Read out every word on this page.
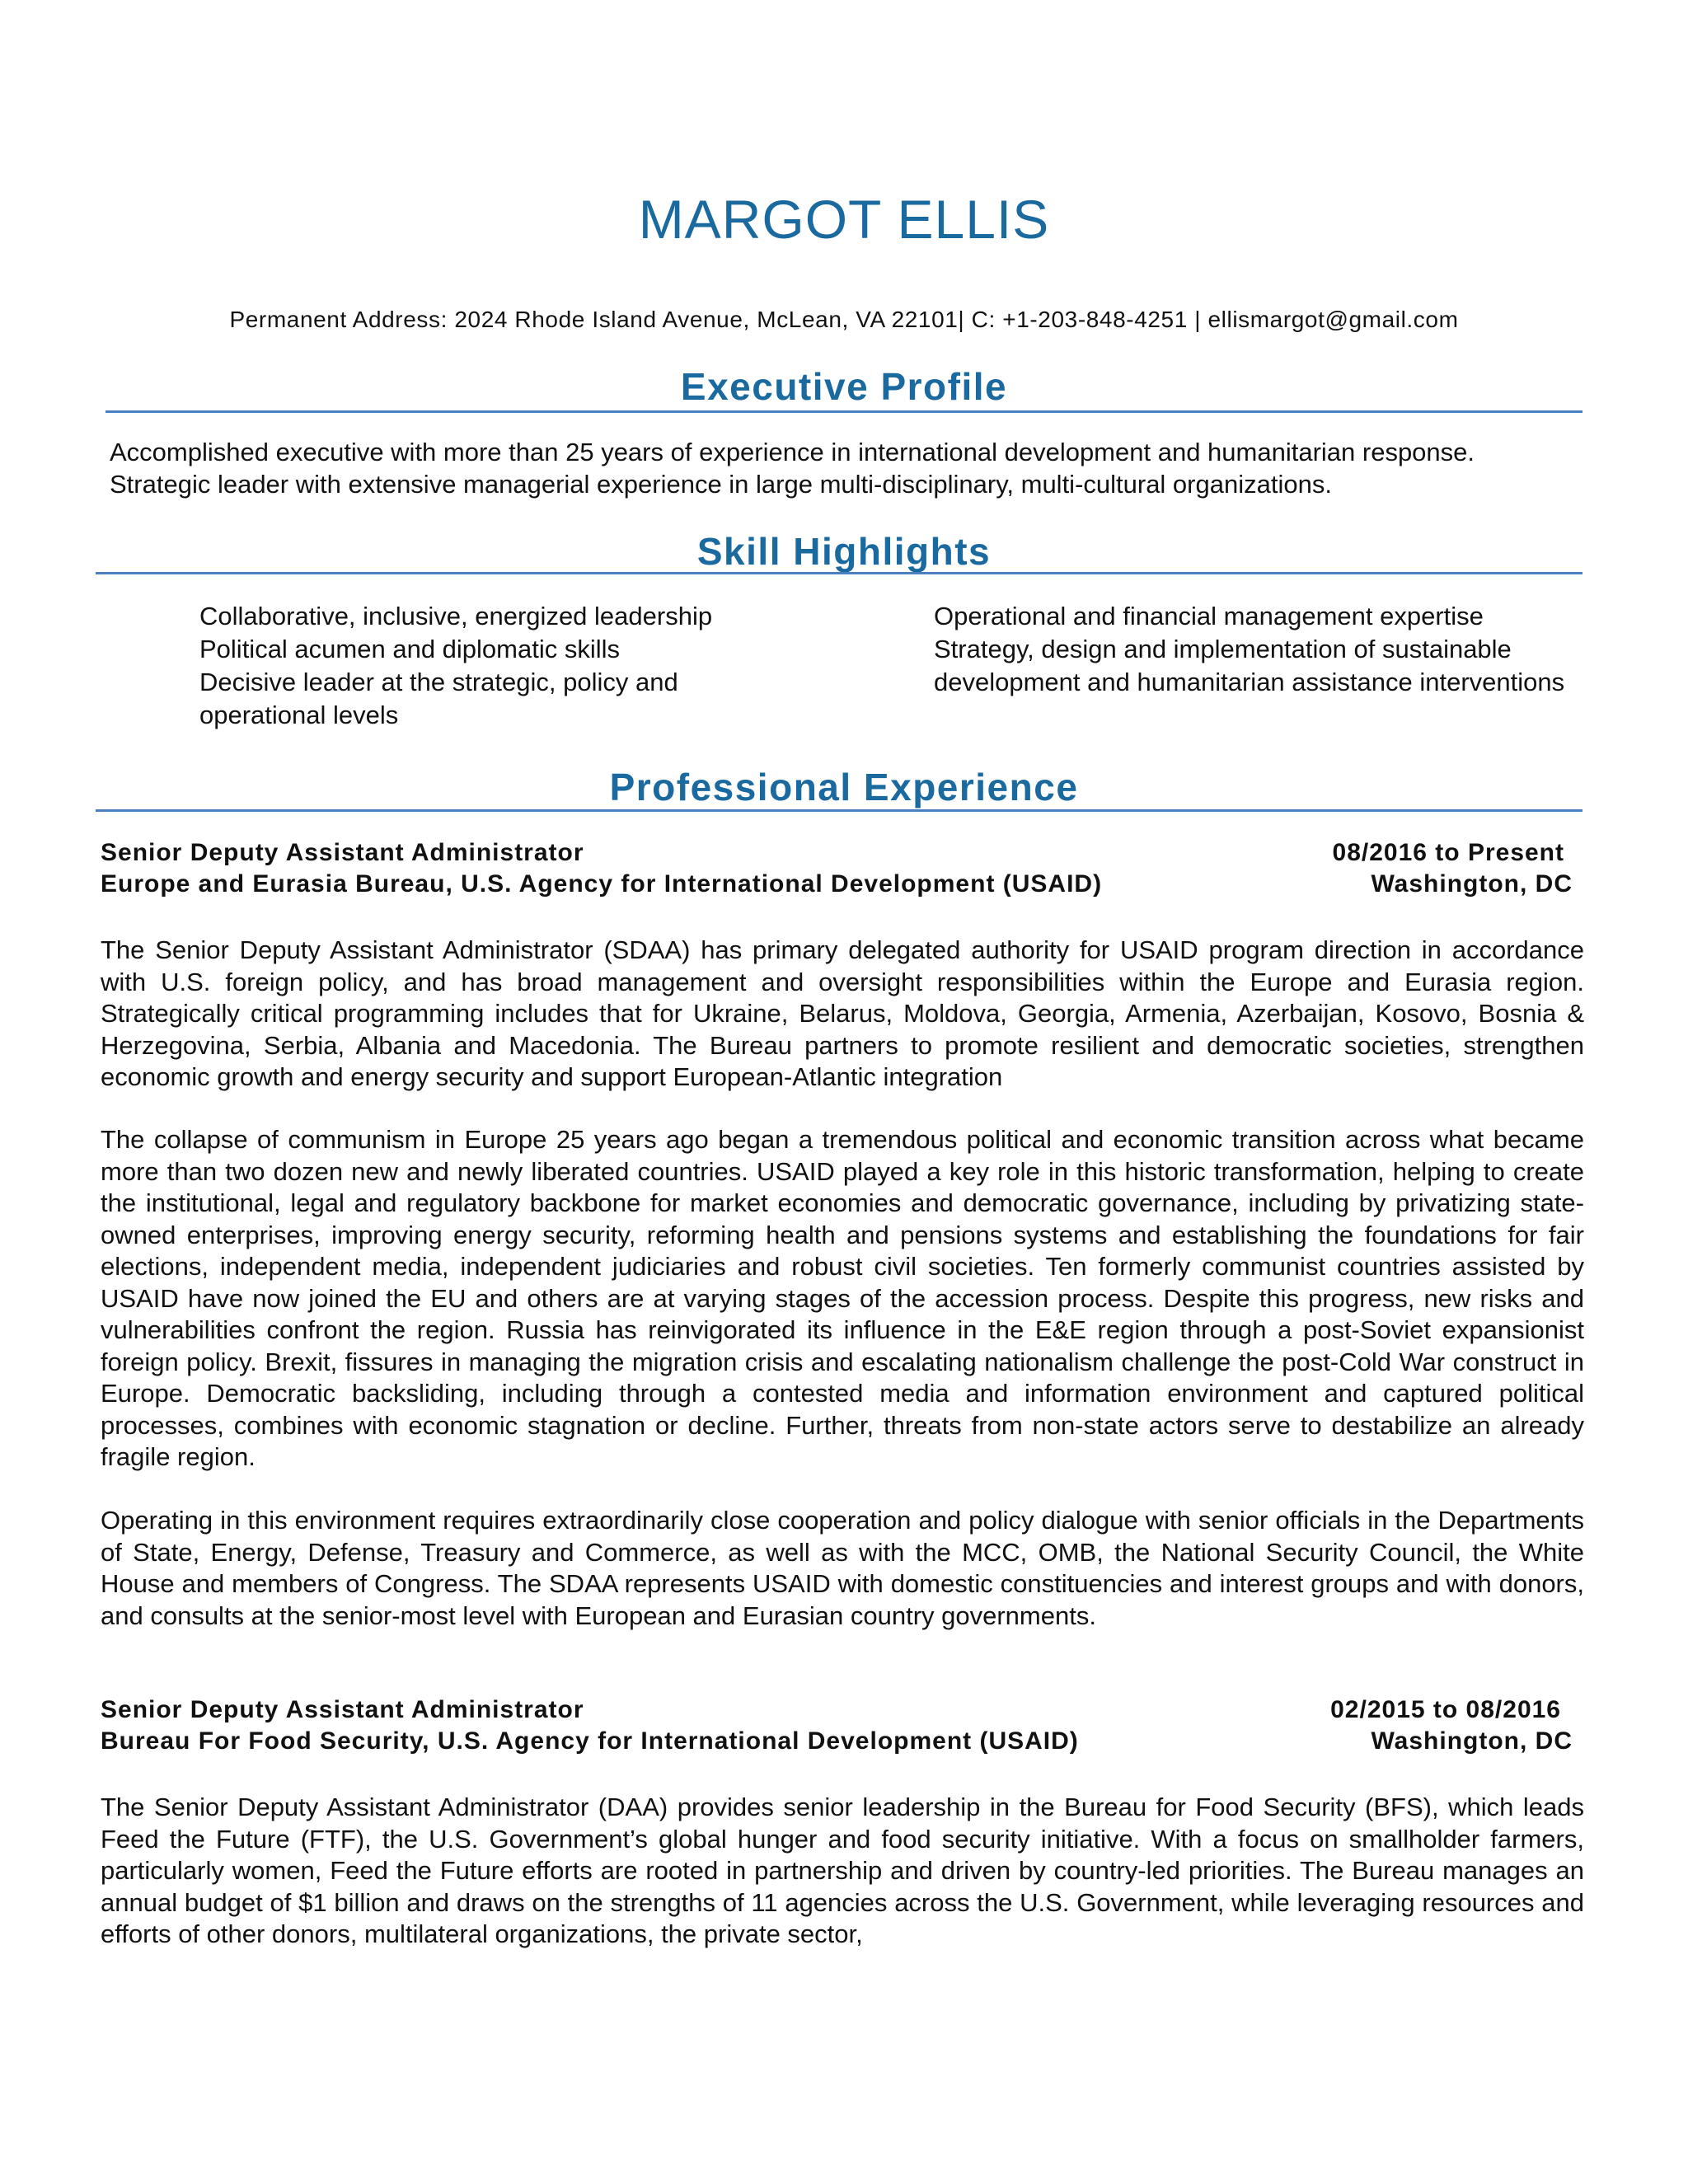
MARGOT ELLIS
Permanent Address: 2024 Rhode Island Avenue, McLean, VA 22101| C: +1-203-848-4251 | ellismargot@gmail.com
Executive Profile
Accomplished executive with more than 25 years of experience in international development and humanitarian response. Strategic leader with extensive managerial experience in large multi-disciplinary, multi-cultural organizations.
Skill Highlights
Collaborative, inclusive, energized leadership
Political acumen and diplomatic skills
Decisive leader at the strategic, policy and operational levels
Operational and financial management expertise
Strategy, design and implementation of sustainable development and humanitarian assistance interventions
Professional Experience
Senior Deputy Assistant Administrator	08/2016 to Present
Europe and Eurasia Bureau, U.S. Agency for International Development (USAID)	Washington, DC
The Senior Deputy Assistant Administrator (SDAA) has primary delegated authority for USAID program direction in accordance with U.S. foreign policy, and has broad management and oversight responsibilities within the Europe and Eurasia region. Strategically critical programming includes that for Ukraine, Belarus, Moldova, Georgia, Armenia, Azerbaijan, Kosovo, Bosnia & Herzegovina, Serbia, Albania and Macedonia. The Bureau partners to promote resilient and democratic societies, strengthen economic growth and energy security and support European-Atlantic integration
The collapse of communism in Europe 25 years ago began a tremendous political and economic transition across what became more than two dozen new and newly liberated countries. USAID played a key role in this historic transformation, helping to create the institutional, legal and regulatory backbone for market economies and democratic governance, including by privatizing state-owned enterprises, improving energy security, reforming health and pensions systems and establishing the foundations for fair elections, independent media, independent judiciaries and robust civil societies. Ten formerly communist countries assisted by USAID have now joined the EU and others are at varying stages of the accession process. Despite this progress, new risks and vulnerabilities confront the region. Russia has reinvigorated its influence in the E&E region through a post-Soviet expansionist foreign policy. Brexit, fissures in managing the migration crisis and escalating nationalism challenge the post-Cold War construct in Europe. Democratic backsliding, including through a contested media and information environment and captured political processes, combines with economic stagnation or decline. Further, threats from non-state actors serve to destabilize an already fragile region.
Operating in this environment requires extraordinarily close cooperation and policy dialogue with senior officials in the Departments of State, Energy, Defense, Treasury and Commerce, as well as with the MCC, OMB, the National Security Council, the White House and members of Congress. The SDAA represents USAID with domestic constituencies and interest groups and with donors, and consults at the senior-most level with European and Eurasian country governments.
Senior Deputy Assistant Administrator	02/2015 to 08/2016
Bureau For Food Security, U.S. Agency for International Development (USAID)	Washington, DC
The Senior Deputy Assistant Administrator (DAA) provides senior leadership in the Bureau for Food Security (BFS), which leads Feed the Future (FTF), the U.S. Government’s global hunger and food security initiative. With a focus on smallholder farmers, particularly women, Feed the Future efforts are rooted in partnership and driven by country-led priorities. The Bureau manages an annual budget of $1 billion and draws on the strengths of 11 agencies across the U.S. Government, while leveraging resources and efforts of other donors, multilateral organizations, the private sector,
